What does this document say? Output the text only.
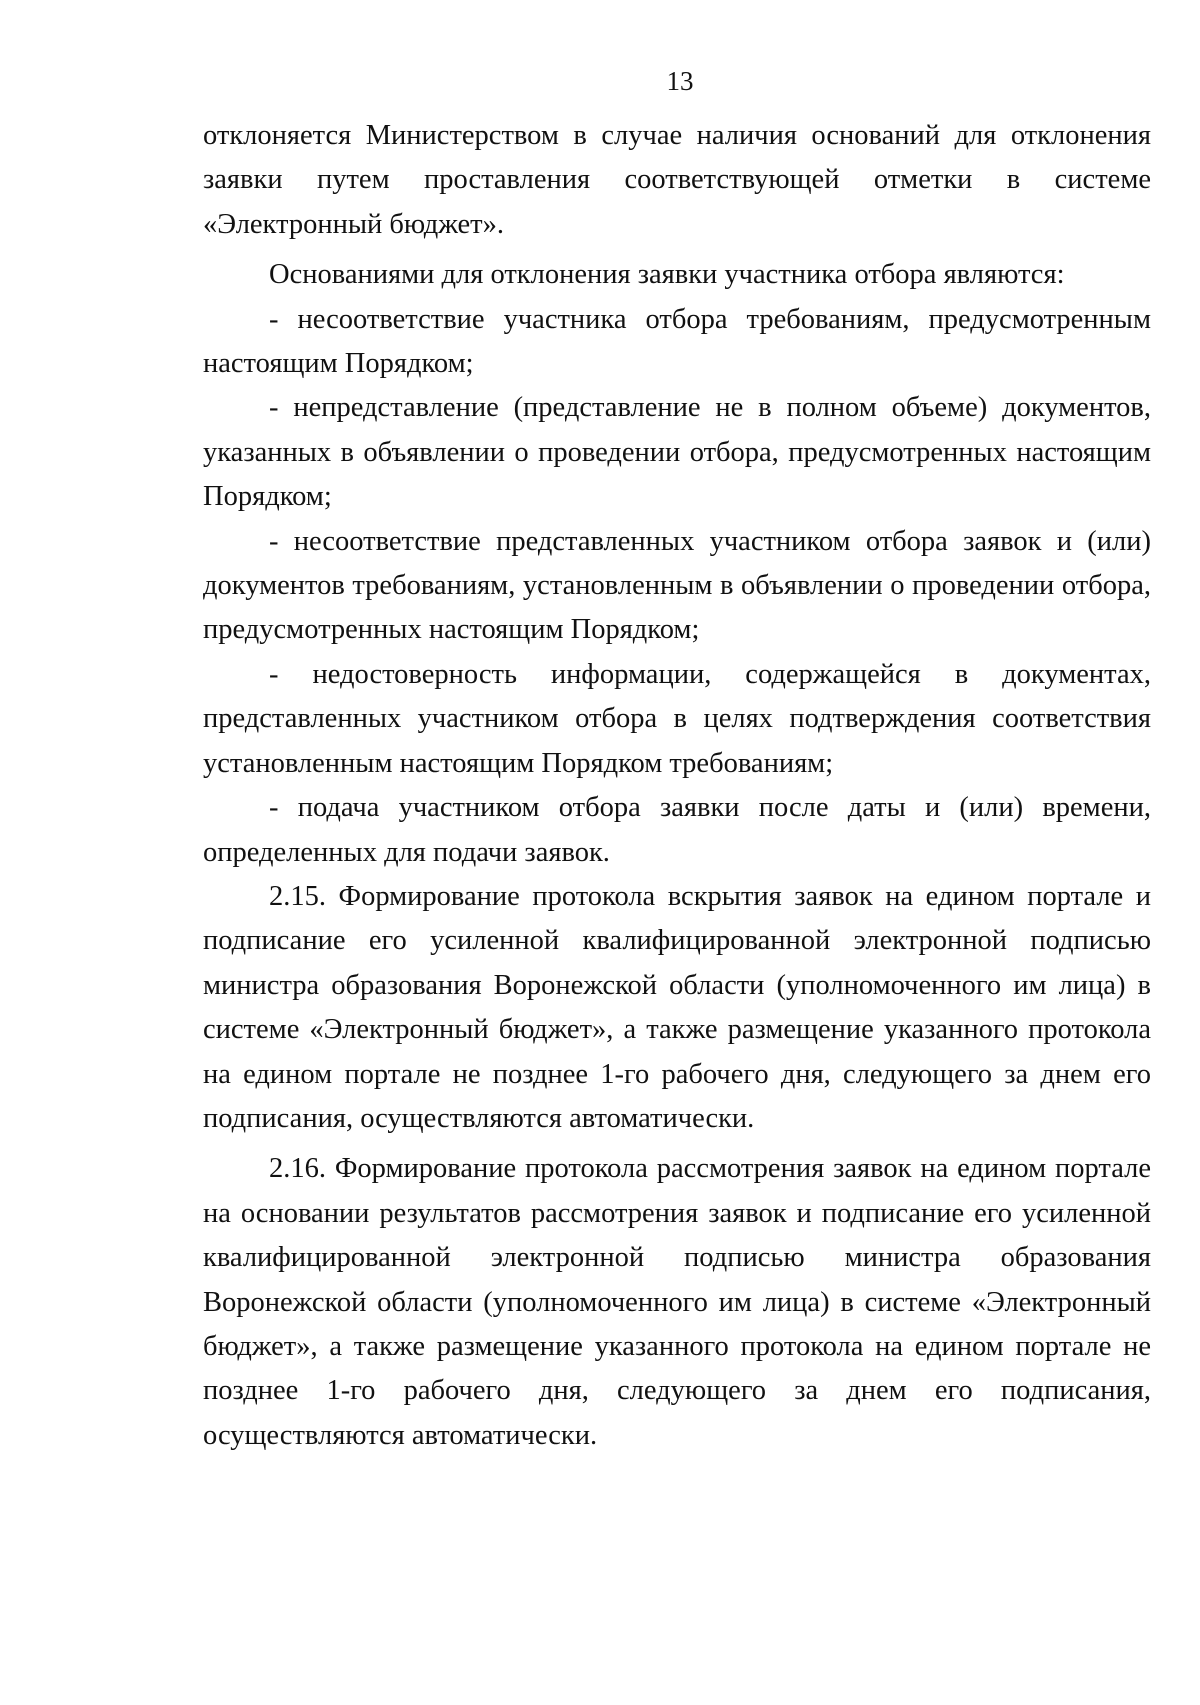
13

отклоняется Министерством в случае наличия оснований для отклонения заявки путем проставления соответствующей отметки в системе «Электронный бюджет».

Основаниями для отклонения заявки участника отбора являются:

- несоответствие участника отбора требованиям, предусмотренным настоящим Порядком;

- непредставление (представление не в полном объеме) документов, указанных в объявлении о проведении отбора, предусмотренных настоящим Порядком;

- несоответствие представленных участником отбора заявок и (или) документов требованиям, установленным в объявлении о проведении отбора, предусмотренных настоящим Порядком;

- недостоверность информации, содержащейся в документах, представленных участником отбора в целях подтверждения соответствия установленным настоящим Порядком требованиям;

- подача участником отбора заявки после даты и (или) времени, определенных для подачи заявок.

2.15. Формирование протокола вскрытия заявок на едином портале и подписание его усиленной квалифицированной электронной подписью министра образования Воронежской области (уполномоченного им лица) в системе «Электронный бюджет», а также размещение указанного протокола на едином портале не позднее 1-го рабочего дня, следующего за днем его подписания, осуществляются автоматически.

2.16. Формирование протокола рассмотрения заявок на едином портале на основании результатов рассмотрения заявок и подписание его усиленной квалифицированной электронной подписью министра образования Воронежской области (уполномоченного им лица) в системе «Электронный бюджет», а также размещение указанного протокола на едином портале не позднее 1-го рабочего дня, следующего за днем его подписания, осуществляются автоматически.
